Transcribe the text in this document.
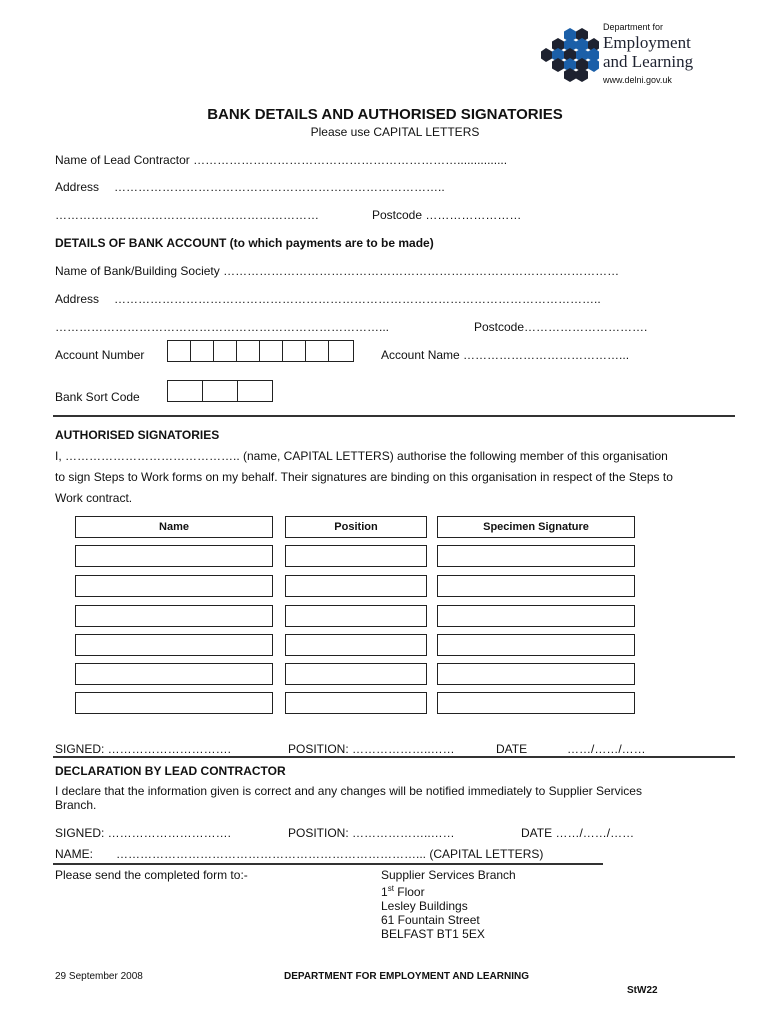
Department for
Employment
and Learning
www.delni.gov.uk
BANK DETAILS AND AUTHORISED SIGNATORIES
Please use CAPITAL LETTERS
Name of Lead Contractor …………………………………………………………...............
Address ………………………………………………………………………..
…………………………………………………………	Postcode ……………………
DETAILS OF BANK ACCOUNT (to which payments are to be made)
Name of Bank/Building Society ………………………………………………………………………………………
Address …………………………………………………………………………………………………………..
………………………………………………………………………...	Postcode………………………….
Account Number	Account Name …………………………………...
Bank Sort Code
AUTHORISED SIGNATORIES
I, …………………………………….. (name, CAPITAL LETTERS) authorise the following member of this organisation
to sign Steps to Work forms on my behalf. Their signatures are binding on this organisation in respect of the Steps to
Work contract.
Name	Position	Specimen Signature
SIGNED: ………………………….	POSITION: ………………..……	DATE	……/……/……
DECLARATION BY LEAD CONTRACTOR
I declare that the information given is correct and any changes will be notified immediately to Supplier Services
Branch.
SIGNED: ………………………….	POSITION: ………………..……	DATE ……/……/……
NAME: …………………………………………………………………... (CAPITAL LETTERS)
Please send the completed form to:-	Supplier Services Branch
1st Floor
Lesley Buildings
61 Fountain Street
BELFAST BT1 5EX
29 September 2008	DEPARTMENT FOR EMPLOYMENT AND LEARNING
StW22
